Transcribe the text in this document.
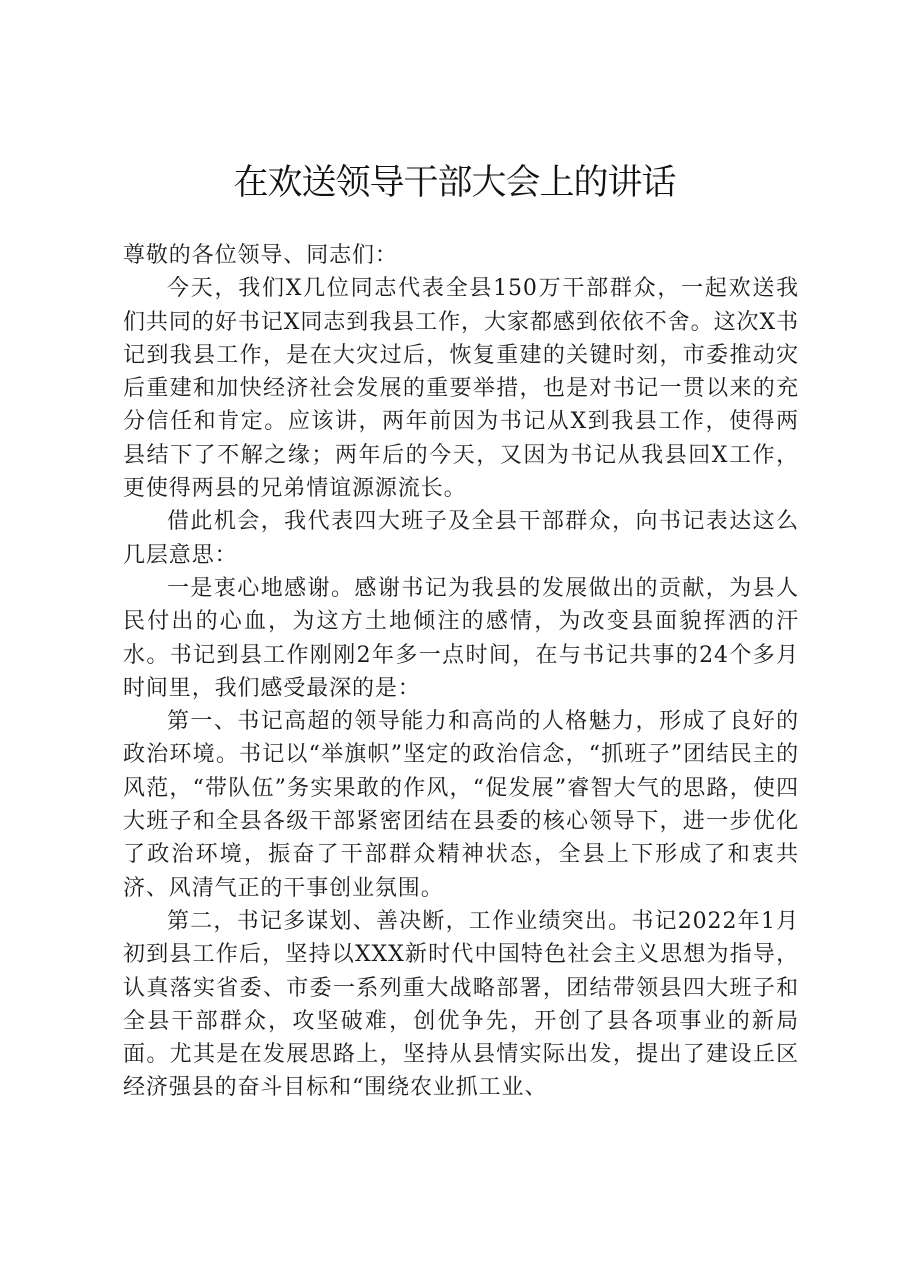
在欢送领导干部大会上的讲话

尊敬的各位领导、同志们：

今天，我们X几位同志代表全县150万干部群众，一起欢送我们共同的好书记X同志到我县工作，大家都感到依依不舍。这次X书记到我县工作，是在大灾过后，恢复重建的关键时刻，市委推动灾后重建和加快经济社会发展的重要举措，也是对书记一贯以来的充分信任和肯定。应该讲，两年前因为书记从X到我县工作，使得两县结下了不解之缘；两年后的今天，又因为书记从我县回X工作，更使得两县的兄弟情谊源源流长。

借此机会，我代表四大班子及全县干部群众，向书记表达这么几层意思：

一是衷心地感谢。感谢书记为我县的发展做出的贡献，为县人民付出的心血，为这方土地倾注的感情，为改变县面貌挥洒的汗水。书记到县工作刚刚2年多一点时间，在与书记共事的24个多月时间里，我们感受最深的是：

第一、书记高超的领导能力和高尚的人格魅力，形成了良好的政治环境。书记以“举旗帜”坚定的政治信念，“抓班子”团结民主的风范，“带队伍”务实果敢的作风，“促发展”睿智大气的思路，使四大班子和全县各级干部紧密团结在县委的核心领导下，进一步优化了政治环境，振奋了干部群众精神状态，全县上下形成了和衷共济、风清气正的干事创业氛围。

第二，书记多谋划、善决断，工作业绩突出。书记2022年1月初到县工作后，坚持以XXX新时代中国特色社会主义思想为指导，认真落实省委、市委一系列重大战略部署，团结带领县四大班子和全县干部群众，攻坚破难，创优争先，开创了县各项事业的新局面。尤其是在发展思路上，坚持从县情实际出发，提出了建设丘区经济强县的奋斗目标和“围绕农业抓工业、
